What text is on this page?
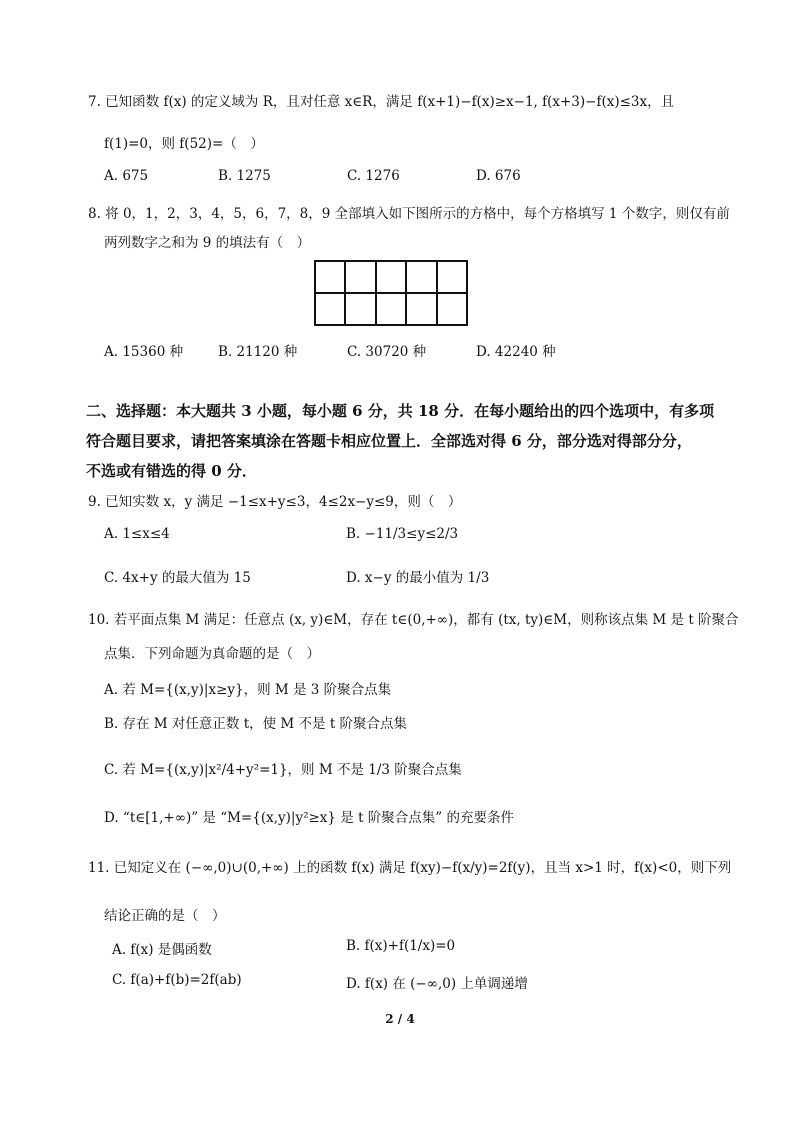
7. 已知函数 f(x) 的定义域为 R，且对任意 x∈R，满足 f(x+1)−f(x)≥x−1, f(x+3)−f(x)≤3x，且
f(1)=0，则 f(52)=（　）
A. 675	B. 1275	C. 1276	D. 676
8. 将 0，1，2，3，4，5，6，7，8，9 全部填入如下图所示的方格中，每个方格填写 1 个数字，则仅有前
两列数字之和为 9 的填法有（　）
A. 15360 种	B. 21120 种	C. 30720 种	D. 42240 种
二、选择题：本大题共 3 小题，每小题 6 分，共 18 分．在每小题给出的四个选项中，有多项
符合题目要求，请把答案填涂在答题卡相应位置上．全部选对得 6 分，部分选对得部分分，
不选或有错选的得 0 分．
9. 已知实数 x，y 满足 −1≤x+y≤3，4≤2x−y≤9，则（　）
A. 1≤x≤4	B. −11/3≤y≤2/3
C. 4x+y 的最大值为 15	D. x−y 的最小值为 1/3
10. 若平面点集 M 满足：任意点 (x, y)∈M，存在 t∈(0,+∞)，都有 (tx, ty)∈M，则称该点集 M 是 t 阶聚合
点集．下列命题为真命题的是（　）
A. 若 M={(x,y)|x≥y}，则 M 是 3 阶聚合点集
B. 存在 M 对任意正数 t，使 M 不是 t 阶聚合点集
C. 若 M={(x,y)|x²/4+y²=1}，则 M 不是 1/3 阶聚合点集
D. “t∈[1,+∞)” 是 “M={(x,y)|y²≥x} 是 t 阶聚合点集” 的充要条件
11. 已知定义在 (−∞,0)∪(0,+∞) 上的函数 f(x) 满足 f(xy)−f(x/y)=2f(y)，且当 x>1 时，f(x)<0，则下列
结论正确的是（　）
A. f(x) 是偶函数	B. f(x)+f(1/x)=0
C. f(a)+f(b)=2f(ab)	D. f(x) 在 (−∞,0) 上单调递增
2 / 4
